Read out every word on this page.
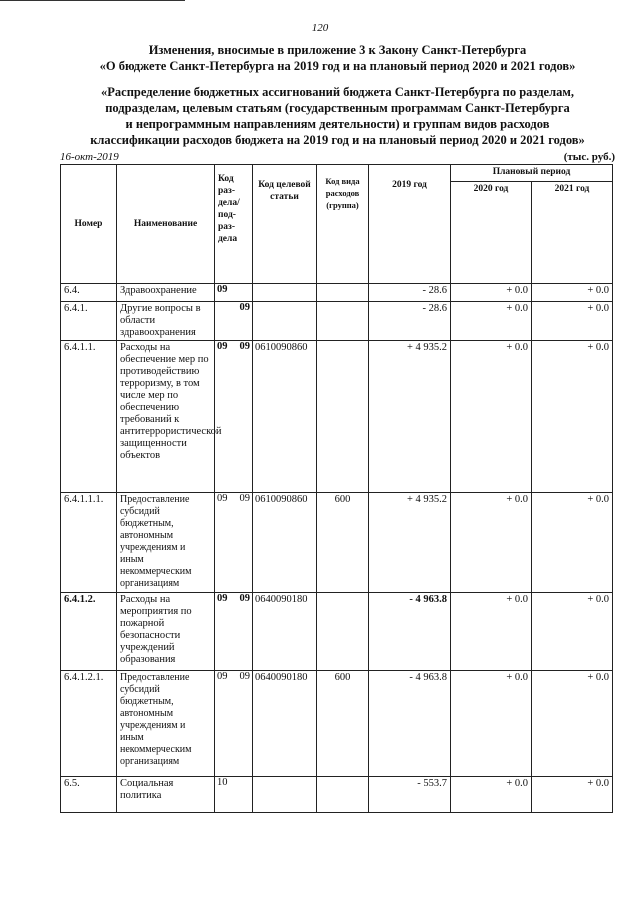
120
Изменения, вносимые в приложение 3 к Закону Санкт-Петербурга
«О бюджете Санкт-Петербурга на 2019 год и на плановый период 2020 и 2021 годов»
«Распределение бюджетных ассигнований бюджета Санкт-Петербурга по разделам,
подразделам, целевым статьям (государственным программам Санкт-Петербурга
и непрограммным направлениям деятельности) и группам видов расходов
классификации расходов бюджета на 2019 год и на плановый период 2020 и 2021 годов»
16-окт-2019	(тыс. руб.)
Номер	Наименование	Код раз- дела/ под- раз- дела	Код целевой статьи	Код вида расходов (группа)	2019 год	Плановый период	
						2020 год	2021 год
6.4.	Здравоохранение	09			- 28.6	+ 0.0	+ 0.0
6.4.1.	Другие вопросы в области здравоохранения	09			- 28.6	+ 0.0	+ 0.0
6.4.1.1.	Расходы на обеспечение мер по противодействию терроризму, в том числе мер по обеспечению требований к антитеррористической защищенности объектов	09 09	0610090860		+ 4 935.2	+ 0.0	+ 0.0
6.4.1.1.1.	Предоставление субсидий бюджетным, автономным учреждениям и иным некоммерческим организациям	09 09	0610090860	600	+ 4 935.2	+ 0.0	+ 0.0
6.4.1.2.	Расходы на мероприятия по пожарной безопасности учреждений образования	09 09	0640090180		- 4 963.8	+ 0.0	+ 0.0
6.4.1.2.1.	Предоставление субсидий бюджетным, автономным учреждениям и иным некоммерческим организациям	09 09	0640090180	600	- 4 963.8	+ 0.0	+ 0.0
6.5.	Социальная политика	10			- 553.7	+ 0.0	+ 0.0
